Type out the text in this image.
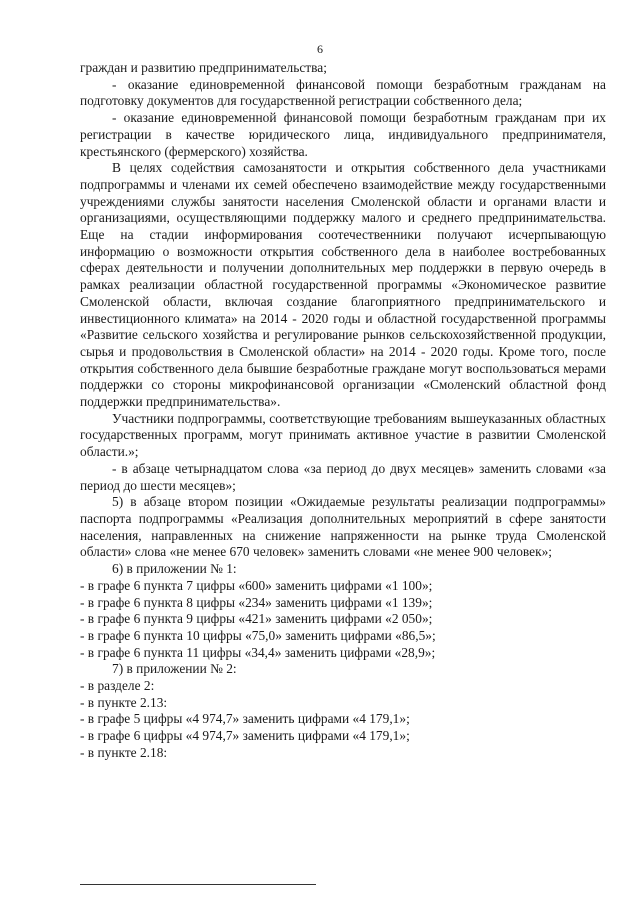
6

граждан и развитию предпринимательства;

- оказание единовременной финансовой помощи безработным гражданам на подготовку документов для государственной регистрации собственного дела;

- оказание единовременной финансовой помощи безработным гражданам при их регистрации в качестве юридического лица, индивидуального предпринимателя, крестьянского (фермерского) хозяйства.

В целях содействия самозанятости и открытия собственного дела участниками подпрограммы и членами их семей обеспечено взаимодействие между государственными учреждениями службы занятости населения Смоленской области и органами власти и организациями, осуществляющими поддержку малого и среднего предпринимательства. Еще на стадии информирования соотечественники получают исчерпывающую информацию о возможности открытия собственного дела в наиболее востребованных сферах деятельности и получении дополнительных мер поддержки в первую очередь в рамках реализации областной государственной программы «Экономическое развитие Смоленской области, включая создание благоприятного предпринимательского и инвестиционного климата» на 2014 - 2020 годы и областной государственной программы «Развитие сельского хозяйства и регулирование рынков сельскохозяйственной продукции, сырья и продовольствия в Смоленской области» на 2014 - 2020 годы. Кроме того, после открытия собственного дела бывшие безработные граждане могут воспользоваться мерами поддержки со стороны микрофинансовой организации «Смоленский областной фонд поддержки предпринимательства».

Участники подпрограммы, соответствующие требованиям вышеуказанных областных государственных программ, могут принимать активное участие в развитии Смоленской области.»;

- в абзаце четырнадцатом слова «за период до двух месяцев» заменить словами «за период до шести месяцев»;

5) в абзаце втором позиции «Ожидаемые результаты реализации подпрограммы» паспорта подпрограммы «Реализация дополнительных мероприятий в сфере занятости населения, направленных на снижение напряженности на рынке труда Смоленской области» слова «не менее 670 человек» заменить словами «не менее 900 человек»;

6) в приложении № 1:

- в графе 6 пункта 7 цифры «600» заменить цифрами «1 100»;

- в графе 6 пункта 8 цифры «234» заменить цифрами «1 139»;

- в графе 6 пункта 9 цифры «421» заменить цифрами «2 050»;

- в графе 6 пункта 10 цифры «75,0» заменить цифрами «86,5»;

- в графе 6 пункта 11 цифры «34,4» заменить цифрами «28,9»;

7) в приложении № 2:

- в разделе 2:

- в пункте 2.13:

- в графе 5 цифры «4 974,7» заменить цифрами «4 179,1»;

- в графе 6 цифры «4 974,7» заменить цифрами «4 179,1»;

- в пункте 2.18:
